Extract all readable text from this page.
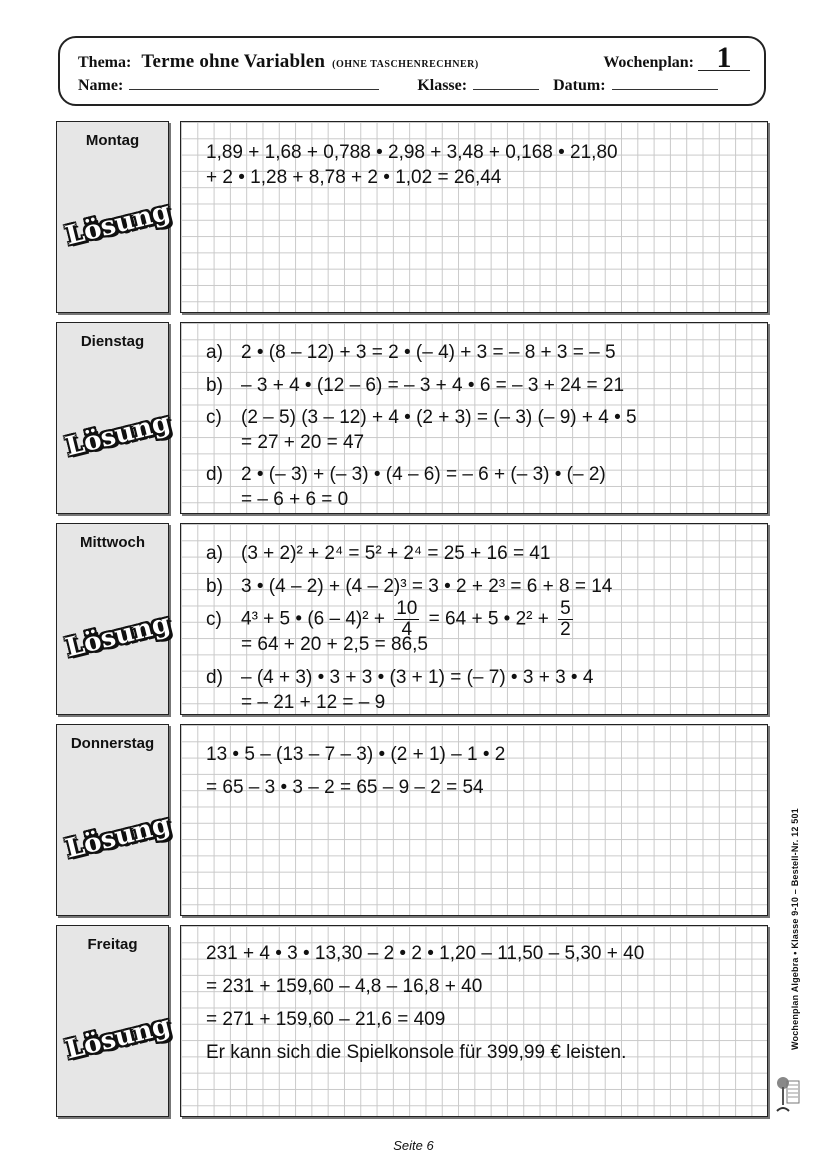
Thema: Terme ohne Variablen (OHNE TASCHENRECHNER)	Wochenplan: 1
Name:	Klasse:	Datum:
Montag
Lösung
1,89 + 1,68 + 0,788 • 2,98 + 3,48 + 0,168 • 21,80
+ 2 • 1,28 + 8,78 + 2 • 1,02 = 26,44
Dienstag
Lösung
a) 2 • (8 – 12) + 3 = 2 • (– 4) + 3 = – 8 + 3 = – 5
b) – 3 + 4 • (12 – 6) = – 3 + 4 • 6 = – 3 + 24 = 21
c) (2 – 5) (3 – 12) + 4 • (2 + 3) = (– 3) (– 9) + 4 • 5
= 27 + 20 = 47
d) 2 • (– 3) + (– 3) • (4 – 6) = – 6 + (– 3) • (– 2)
= – 6 + 6 = 0
Mittwoch
Lösung
a) (3 + 2)² + 2⁴ = 5² + 2⁴ = 25 + 16 = 41
b) 3 • (4 – 2) + (4 – 2)³ = 3 • 2 + 2³ = 6 + 8 = 14
c) 4³ + 5 • $(6 - 4)^2 + \frac{10}{4} = 64 + 5$ • $2^2 + \frac{5}{2}$
= 64 + 20 + 2,5 = 86,5
d) – (4 + 3) • 3 + 3 • (3 + 1) = (– 7) • 3 + 3 • 4
= – 21 + 12 = – 9
Donnerstag
Lösung
13 • 5 – (13 – 7 – 3) • (2 + 1) – 1 • 2
= 65 – 3 • 3 – 2 = 65 – 9 – 2 = 54
Freitag
Lösung
231 + 4 • 3 • 13,30 – 2 • 2 • 1,20 – 11,50 – 5,30 + 40
= 231 + 159,60 – 4,8 – 16,8 + 40
= 271 + 159,60 – 21,6 = 409
Er kann sich die Spielkonsole für 399,99 € leisten.
Wochenplan Algebra • Klasse 9-10 – Bestell-Nr. 12 501
Seite 6
